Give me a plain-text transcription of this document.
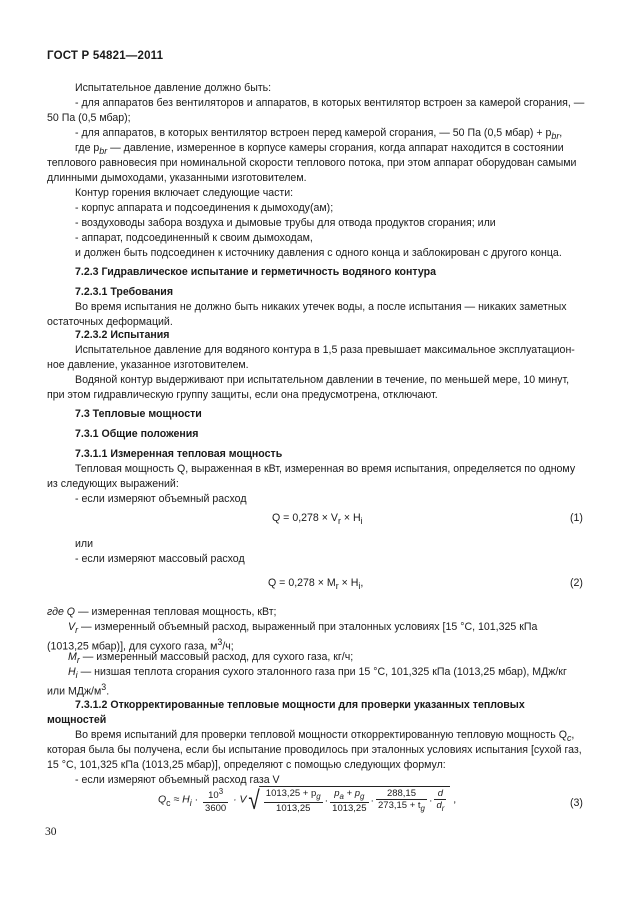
ГОСТ Р 54821—2011
Испытательное давление должно быть:
- для аппаратов без вентиляторов и аппаратов, в которых вентилятор встроен за камерой сгорания, —
50 Па (0,5 мбар);
- для аппаратов, в которых вентилятор встроен перед камерой сгорания, — 50 Па (0,5 мбар) + $p_{br}$,
где $p_{br}$ — давление, измеренное в корпусе камеры сгорания, когда аппарат находится в состоянии
теплового равновесия при номинальной скорости теплового потока, при этом аппарат оборудован самыми
длинными дымоходами, указанными изготовителем.
Контур горения включает следующие части:
- корпус аппарата и подсоединения к дымоходу(ам);
- воздуховоды забора воздуха и дымовые трубы для отвода продуктов сгорания; или
- аппарат, подсоединенный к своим дымоходам,
и должен быть подсоединен к источнику давления с одного конца и заблокирован с другого конца.
7.2.3 Гидравлическое испытание и герметичность водяного контура
7.2.3.1 Требования
Во время испытания не должно быть никаких утечек воды, а после испытания — никаких заметных
остаточных деформаций.
7.2.3.2 Испытания
Испытательное давление для водяного контура в 1,5 раза превышает максимальное эксплуатацион-
ное давление, указанное изготовителем.
Водяной контур выдерживают при испытательном давлении в течение, по меньшей мере, 10 минут,
при этом гидравлическую группу защиты, если она предусмотрена, отключают.
7.3 Тепловые мощности
7.3.1 Общие положения
7.3.1.1 Измеренная тепловая мощность
Тепловая мощность Q, выраженная в кВт, измеренная во время испытания, определяется по одному
из следующих выражений:
- если измеряют объемный расход
$Q = 0,278 \times V_r \times H_i$	(1)
или
- если измеряют массовый расход
$Q = 0,278 \times M_r \times H_i$,	(2)
где Q — измеренная тепловая мощность, кВт;
$V_r$ — измеренный объемный расход, выраженный при эталонных условиях [15 °C, 101,325 кПа
(1013,25 мбар)], для сухого газа, $м^3/ч$;
$M_r$ — измеренный массовый расход, для сухого газа, кг/ч;
$H_i$ — низшая теплота сгорания сухого эталонного газа при 15 °C, 101,325 кПа (1013,25 мбар), МДж/кг
или МДж/$м^3$.
7.3.1.2 Откорректированные тепловые мощности для проверки указанных тепловых
мощностей
Во время испытаний для проверки тепловой мощности откорректированную тепловую мощность $Q_c$,
которая была бы получена, если бы испытание проводилось при эталонных условиях испытания [сухой газ,
15 °C, 101,325 кПа (1013,25 мбар)], определяют с помощью следующих формул:
- если измеряют объемный расход газа V
$Q_c \approx H_i \cdot \frac{10^3}{3600} \cdot V√ \frac{1013,25 + p_g}{1013,25} \cdot \frac{p_a + p_g}{1013,25} \cdot \frac{288,15}{273,15 + t_g} \cdot \frac{d}{d_r}$ ,	(3)
30
